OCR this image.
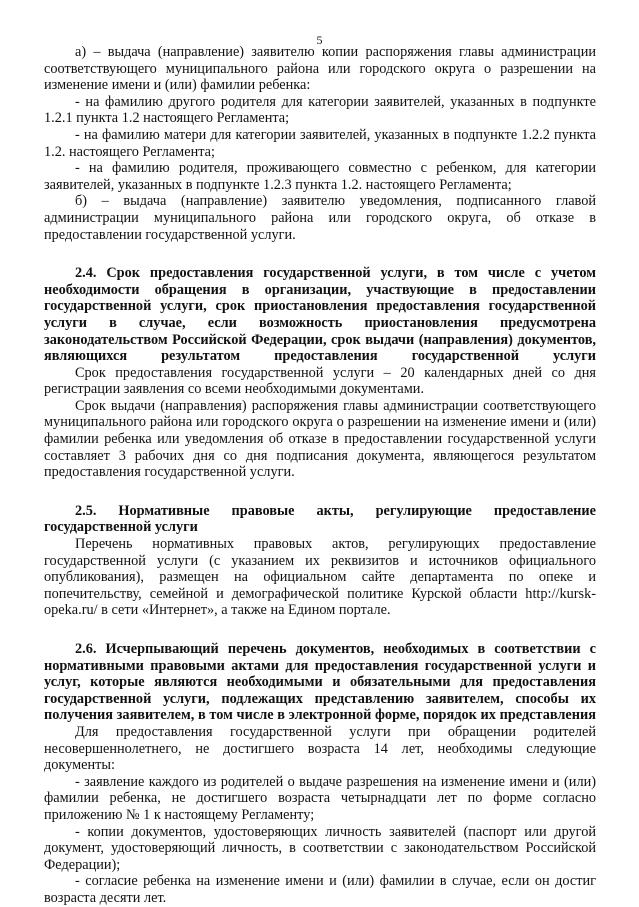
5

а) – выдача (направление) заявителю копии распоряжения главы администрации соответствующего муниципального района или городского округа о разрешении на изменение имени и (или) фамилии ребенка:

- на фамилию другого родителя для категории заявителей, указанных в подпункте 1.2.1 пункта 1.2 настоящего Регламента;

- на фамилию матери для категории заявителей, указанных в подпункте 1.2.2 пункта 1.2. настоящего Регламента;

- на фамилию родителя, проживающего совместно с ребенком, для категории заявителей, указанных в подпункте 1.2.3 пункта 1.2. настоящего Регламента;

б) – выдача (направление) заявителю уведомления, подписанного главой администрации муниципального района или городского округа, об отказе в предоставлении государственной услуги.

2.4. Срок предоставления государственной услуги, в том числе с учетом необходимости обращения в организации, участвующие в предоставлении государственной услуги, срок приостановления предоставления государственной услуги в случае, если возможность приостановления предусмотрена законодательством Российской Федерации, срок выдачи (направления) документов, являющихся результатом предоставления государственной услуги

Срок предоставления государственной услуги – 20 календарных дней со дня регистрации заявления со всеми необходимыми документами.

Срок выдачи (направления) распоряжения главы администрации соответствующего муниципального района или городского округа о разрешении на изменение имени и (или) фамилии ребенка или уведомления об отказе в предоставлении государственной услуги составляет 3 рабочих дня со дня подписания документа, являющегося результатом предоставления государственной услуги.

2.5. Нормативные правовые акты, регулирующие предоставление государственной услуги

Перечень нормативных правовых актов, регулирующих предоставление государственной услуги (с указанием их реквизитов и источников официального опубликования), размещен на официальном сайте департамента по опеке и попечительству, семейной и демографической политике Курской области http://kursk-opeka.ru/ в сети «Интернет», а также на Едином портале.

2.6. Исчерпывающий перечень документов, необходимых в соответствии с нормативными правовыми актами для предоставления государственной услуги и услуг, которые являются необходимыми и обязательными для предоставления государственной услуги, подлежащих представлению заявителем, способы их получения заявителем, в том числе в электронной форме, порядок их представления

Для предоставления государственной услуги при обращении родителей несовершеннолетнего, не достигшего возраста 14 лет, необходимы следующие документы:

- заявление каждого из родителей о выдаче разрешения на изменение имени и (или) фамилии ребенка, не достигшего возраста четырнадцати лет по форме согласно приложению № 1 к настоящему Регламенту;

- копии документов, удостоверяющих личность заявителей (паспорт или другой документ, удостоверяющий личность, в соответствии с законодательством Российской Федерации);

- согласие ребенка на изменение имени и (или) фамилии в случае, если он достиг возраста десяти лет.
